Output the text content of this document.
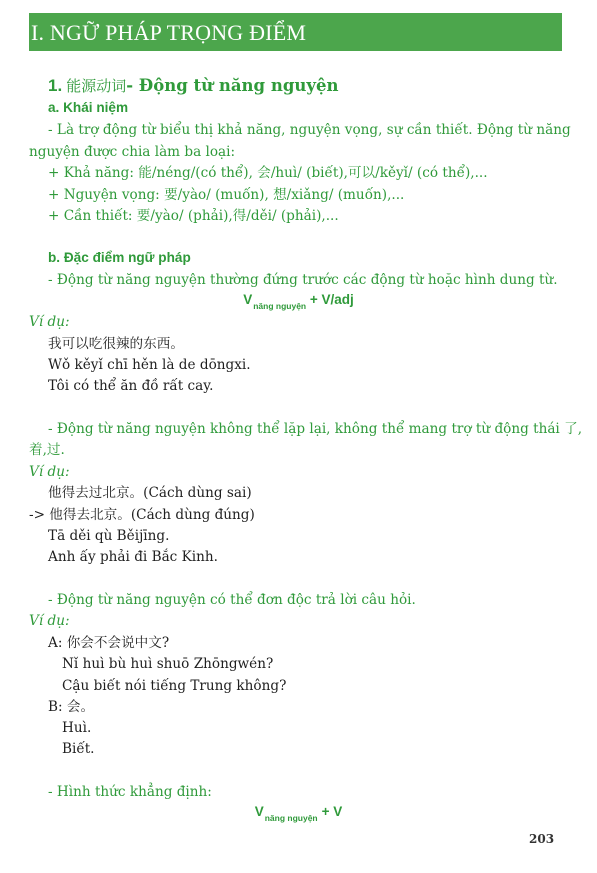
I. NGỮ PHÁP TRỌNG ĐIỂM
1. 能源动词- Động từ năng nguyện
a. Khái niệm
- Là trợ động từ biểu thị khả năng, nguyện vọng, sự cần thiết. Động từ năng
nguyện được chia làm ba loại:
+ Khả năng: 能/néng/(có thể), 会/huì/ (biết),可以/kěyǐ/ (có thể),...
+ Nguyện vọng: 要/yào/ (muốn), 想/xiǎng/ (muốn),...
+ Cần thiết: 要/yào/ (phải),得/děi/ (phải),...
b. Đặc điểm ngữ pháp
- Động từ năng nguyện thường đứng trước các động từ hoặc hình dung từ.
$V_{năng nguyện} + V/adj$
Ví dụ:
我可以吃很辣的东西。
Wǒ kěyǐ chī hěn là de dōngxi.
Tôi có thể ăn đồ rất cay.
- Động từ năng nguyện không thể lặp lại, không thể mang trợ từ động thái 了,
着,过.
Ví dụ:
他得去过北京。(Cách dùng sai)
-> 他得去北京。(Cách dùng đúng)
Tā děi qù Běijīng.
Anh ấy phải đi Bắc Kinh.
- Động từ năng nguyện có thể đơn độc trả lời câu hỏi.
Ví dụ:
A: 你会不会说中文?
Nǐ huì bù huì shuō Zhōngwén?
Cậu biết nói tiếng Trung không?
B: 会。
Huì.
Biết.
- Hình thức khẳng định:
$V_{năng nguyện} + V$
203
